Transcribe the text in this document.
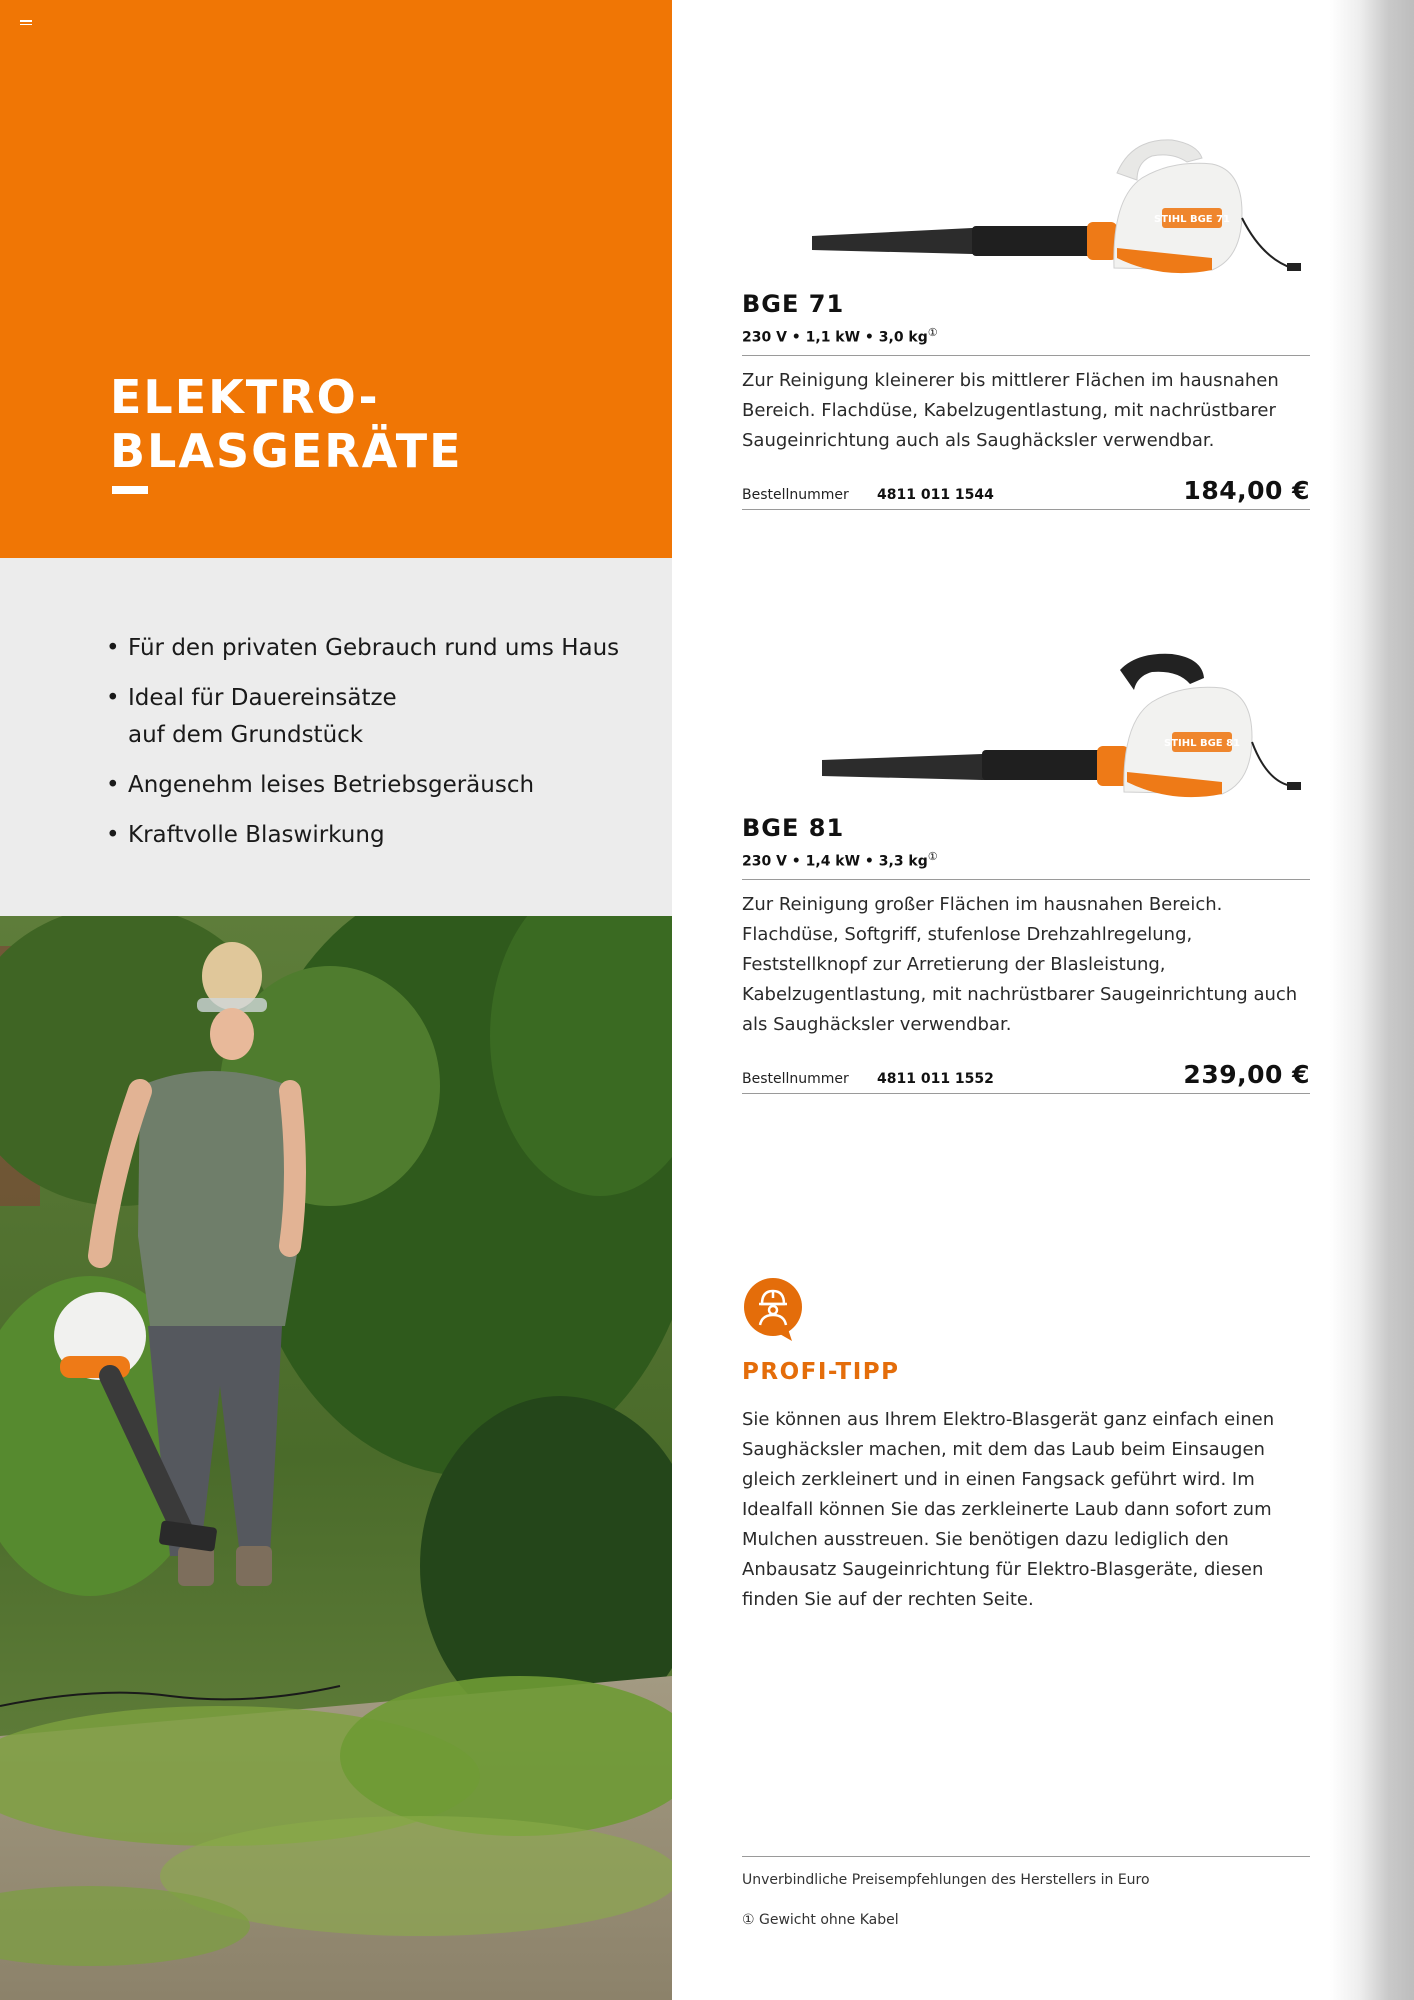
ELEKTRO-
BLASGERÄTE
• Für den privaten Gebrauch rund ums Haus
• Ideal für Dauereinsätze
auf dem Grundstück
• Angenehm leises Betriebsgeräusch
• Kraftvolle Blaswirkung
STIHL BGE 71
BGE 71
230 V • 1,1 kW • 3,0 kg①
Zur Reinigung kleinerer bis mittlerer Flächen im hausnahen Bereich. Flachdüse, Kabelzugentlastung, mit nachrüstbarer Saugeinrichtung auch als Saughäcksler verwendbar.
Bestellnummer	4811 011 1544	184,00 €
STIHL BGE 81
BGE 81
230 V • 1,4 kW • 3,3 kg①
Zur Reinigung großer Flächen im hausnahen Bereich. Flachdüse, Softgriff, stufenlose Drehzahlregelung, Feststellknopf zur Arretierung der Blasleistung, Kabelzugentlastung, mit nachrüstbarer Saugeinrichtung auch als Saughäcksler verwendbar.
Bestellnummer	4811 011 1552	239,00 €
PROFI-TIPP
Sie können aus Ihrem Elektro-Blasgerät ganz einfach einen Saughäcksler machen, mit dem das Laub beim Einsaugen gleich zerkleinert und in einen Fangsack geführt wird. Im Idealfall können Sie das zerkleinerte Laub dann sofort zum Mulchen ausstreuen. Sie benötigen dazu lediglich den Anbausatz Saugeinrichtung für Elektro-Blasgeräte, diesen finden Sie auf der rechten Seite.
Unverbindliche Preisempfehlungen des Herstellers in Euro
① Gewicht ohne Kabel
